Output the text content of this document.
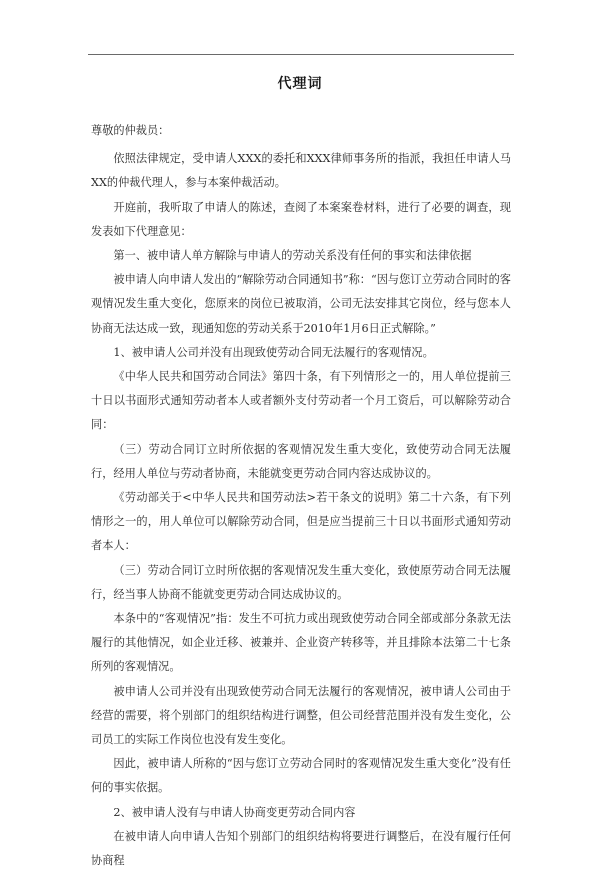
代理词

尊敬的仲裁员：

依照法律规定，受申请人XXX的委托和XXX律师事务所的指派，我担任申请人马XX的仲裁代理人，参与本案仲裁活动。

开庭前，我听取了申请人的陈述，查阅了本案案卷材料，进行了必要的调查，现发表如下代理意见：

第一、被申请人单方解除与申请人的劳动关系没有任何的事实和法律依据

被申请人向申请人发出的“解除劳动合同通知书”称：“因与您订立劳动合同时的客观情况发生重大变化，您原来的岗位已被取消，公司无法安排其它岗位，经与您本人协商无法达成一致，现通知您的劳动关系于2010年1月6日正式解除。”

1、被申请人公司并没有出现致使劳动合同无法履行的客观情况。

《中华人民共和国劳动合同法》第四十条，有下列情形之一的，用人单位提前三十日以书面形式通知劳动者本人或者额外支付劳动者一个月工资后，可以解除劳动合同：

（三）劳动合同订立时所依据的客观情况发生重大变化，致使劳动合同无法履行，经用人单位与劳动者协商，未能就变更劳动合同内容达成协议的。

《劳动部关于<中华人民共和国劳动法>若干条文的说明》第二十六条，有下列情形之一的，用人单位可以解除劳动合同，但是应当提前三十日以书面形式通知劳动者本人：

（三）劳动合同订立时所依据的客观情况发生重大变化，致使原劳动合同无法履行，经当事人协商不能就变更劳动合同达成协议的。

本条中的“客观情况”指：发生不可抗力或出现致使劳动合同全部或部分条款无法履行的其他情况，如企业迁移、被兼并、企业资产转移等，并且排除本法第二十七条所列的客观情况。

被申请人公司并没有出现致使劳动合同无法履行的客观情况，被申请人公司由于经营的需要，将个别部门的组织结构进行调整，但公司经营范围并没有发生变化，公司员工的实际工作岗位也没有发生变化。

因此，被申请人所称的“因与您订立劳动合同时的客观情况发生重大变化”没有任何的事实依据。

2、被申请人没有与申请人协商变更劳动合同内容

在被申请人向申请人告知个别部门的组织结构将要进行调整后，在没有履行任何协商程
